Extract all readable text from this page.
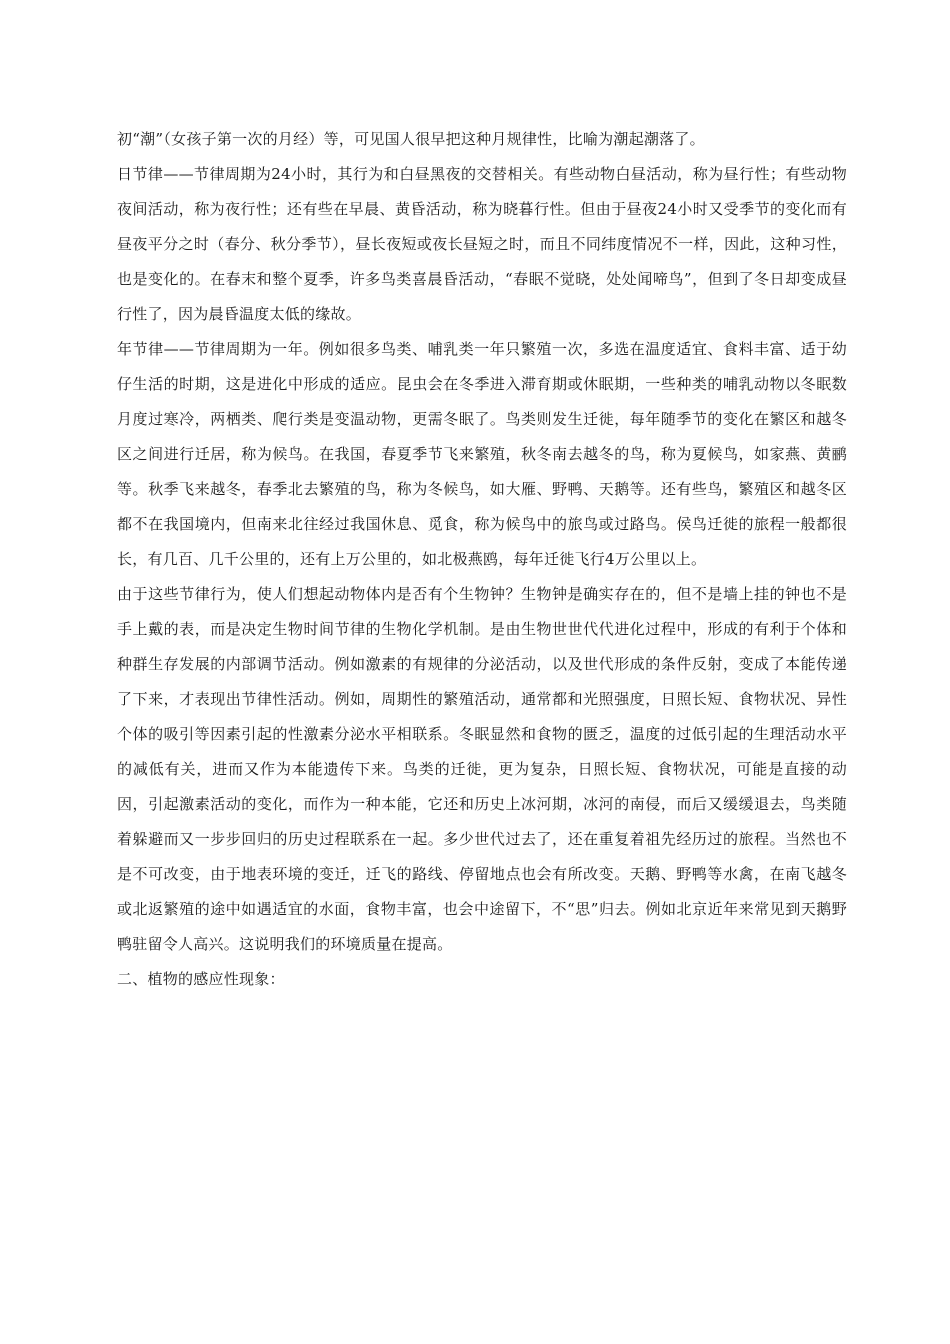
初“潮”（女孩子第一次的月经）等，可见国人很早把这种月规律性，比喻为潮起潮落了。

日节律——节律周期为24小时，其行为和白昼黑夜的交替相关。有些动物白昼活动，称为昼行性；有些动物夜间活动，称为夜行性；还有些在早晨、黄昏活动，称为晓暮行性。但由于昼夜24小时又受季节的变化而有昼夜平分之时（春分、秋分季节），昼长夜短或夜长昼短之时，而且不同纬度情况不一样，因此，这种习性，也是变化的。在春末和整个夏季，许多鸟类喜晨昏活动，“春眠不觉晓，处处闻啼鸟”，但到了冬日却变成昼行性了，因为晨昏温度太低的缘故。

年节律——节律周期为一年。例如很多鸟类、哺乳类一年只繁殖一次，多选在温度适宜、食料丰富、适于幼仔生活的时期，这是进化中形成的适应。昆虫会在冬季进入滞育期或休眠期，一些种类的哺乳动物以冬眠数月度过寒冷，两栖类、爬行类是变温动物，更需冬眠了。鸟类则发生迁徙，每年随季节的变化在繁区和越冬区之间进行迁居，称为候鸟。在我国，春夏季节飞来繁殖，秋冬南去越冬的鸟，称为夏候鸟，如家燕、黄鹂等。秋季飞来越冬，春季北去繁殖的鸟，称为冬候鸟，如大雁、野鸭、天鹅等。还有些鸟，繁殖区和越冬区都不在我国境内，但南来北往经过我国休息、觅食，称为候鸟中的旅鸟或过路鸟。侯鸟迁徙的旅程一般都很长，有几百、几千公里的，还有上万公里的，如北极燕鸥，每年迁徙飞行4万公里以上。

由于这些节律行为，使人们想起动物体内是否有个生物钟？生物钟是确实存在的，但不是墙上挂的钟也不是手上戴的表，而是决定生物时间节律的生物化学机制。是由生物世世代代进化过程中，形成的有利于个体和种群生存发展的内部调节活动。例如激素的有规律的分泌活动，以及世代形成的条件反射，变成了本能传递了下来，才表现出节律性活动。例如，周期性的繁殖活动，通常都和光照强度，日照长短、食物状况、异性个体的吸引等因素引起的性激素分泌水平相联系。冬眠显然和食物的匮乏，温度的过低引起的生理活动水平的减低有关，进而又作为本能遗传下来。鸟类的迁徙，更为复杂，日照长短、食物状况，可能是直接的动因，引起激素活动的变化，而作为一种本能，它还和历史上冰河期，冰河的南侵，而后又缓缓退去，鸟类随着躲避而又一步步回归的历史过程联系在一起。多少世代过去了，还在重复着祖先经历过的旅程。当然也不是不可改变，由于地表环境的变迁，迁飞的路线、停留地点也会有所改变。天鹅、野鸭等水禽，在南飞越冬或北返繁殖的途中如遇适宜的水面，食物丰富，也会中途留下，不“思”归去。例如北京近年来常见到天鹅野鸭驻留令人高兴。这说明我们的环境质量在提高。

二、植物的感应性现象：
